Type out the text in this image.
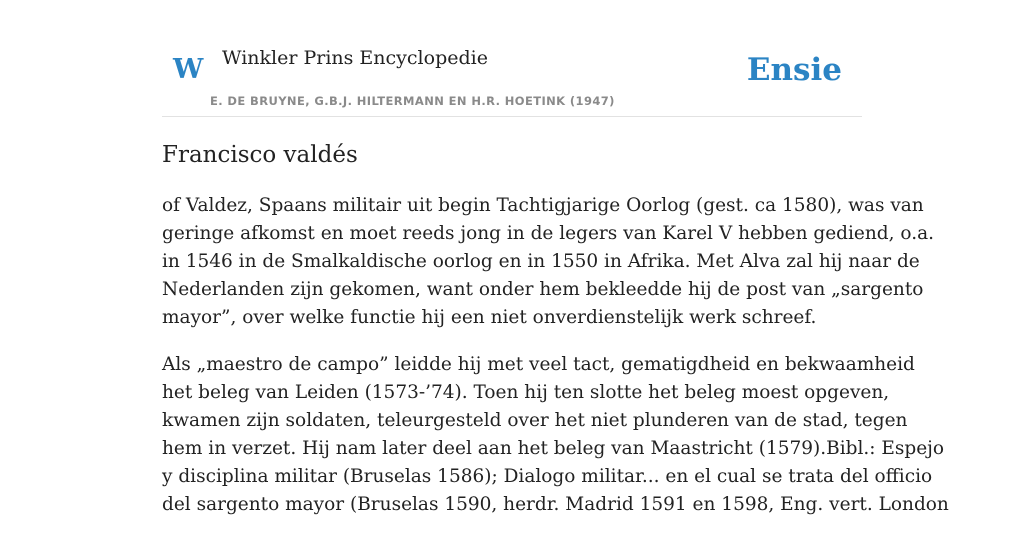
W Winkler Prins Encyclopedie
E. DE BRUYNE, G.B.J. HILTERMANN EN H.R. HOETINK (1947)
Ensie
Francisco valdés

of Valdez, Spaans militair uit begin Tachtigjarige Oorlog (gest. ca 1580), was van
geringe afkomst en moet reeds jong in de legers van Karel V hebben gediend, o.a.
in 1546 in de Smalkaldische oorlog en in 1550 in Afrika. Met Alva zal hij naar de
Nederlanden zijn gekomen, want onder hem bekleedde hij de post van „sargento
mayor”, over welke functie hij een niet onverdienstelijk werk schreef.

Als „maestro de campo” leidde hij met veel tact, gematigdheid en bekwaamheid
het beleg van Leiden (1573-’74). Toen hij ten slotte het beleg moest opgeven,
kwamen zijn soldaten, teleurgesteld over het niet plunderen van de stad, tegen
hem in verzet. Hij nam later deel aan het beleg van Maastricht (1579).Bibl.: Espejo
y disciplina militar (Bruselas 1586); Dialogo militar... en el cual se trata del officio
del sargento mayor (Bruselas 1590, herdr. Madrid 1591 en 1598, Eng. vert. London
